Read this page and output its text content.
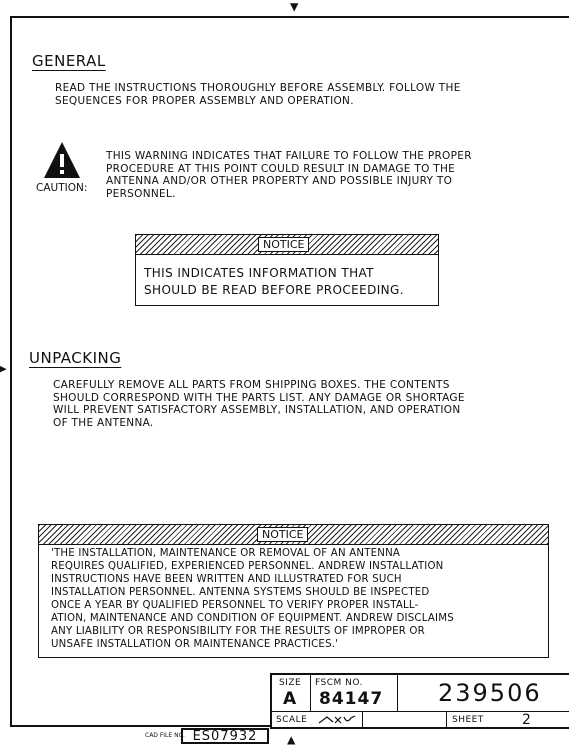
▼
▶
▲
GENERAL
READ THE INSTRUCTIONS THOROUGHLY BEFORE ASSEMBLY. FOLLOW THE
SEQUENCES FOR PROPER ASSEMBLY AND OPERATION.
CAUTION:
THIS WARNING INDICATES THAT FAILURE TO FOLLOW THE PROPER
PROCEDURE AT THIS POINT COULD RESULT IN DAMAGE TO THE
ANTENNA AND/OR OTHER PROPERTY AND POSSIBLE INJURY TO
PERSONNEL.
NOTICE
THIS INDICATES INFORMATION THAT
SHOULD BE READ BEFORE PROCEEDING.
UNPACKING
CAREFULLY REMOVE ALL PARTS FROM SHIPPING BOXES. THE CONTENTS
SHOULD CORRESPOND WITH THE PARTS LIST. ANY DAMAGE OR SHORTAGE
WILL PREVENT SATISFACTORY ASSEMBLY, INSTALLATION, AND OPERATION
OF THE ANTENNA.
NOTICE
'THE INSTALLATION, MAINTENANCE OR REMOVAL OF AN ANTENNA
REQUIRES QUALIFIED, EXPERIENCED PERSONNEL. ANDREW INSTALLATION
INSTRUCTIONS HAVE BEEN WRITTEN AND ILLUSTRATED FOR SUCH
INSTALLATION PERSONNEL. ANTENNA SYSTEMS SHOULD BE INSPECTED
ONCE A YEAR BY QUALIFIED PERSONNEL TO VERIFY PROPER INSTALL-
ATION, MAINTENANCE AND CONDITION OF EQUIPMENT. ANDREW DISCLAIMS
ANY LIABILITY OR RESPONSIBILITY FOR THE RESULTS OF IMPROPER OR
UNSAFE INSTALLATION OR MAINTENANCE PRACTICES.'
SIZE
A
FSCM NO.
84147 239506
SCALE	SHEET	2
CAD FILE NO. ES07932
